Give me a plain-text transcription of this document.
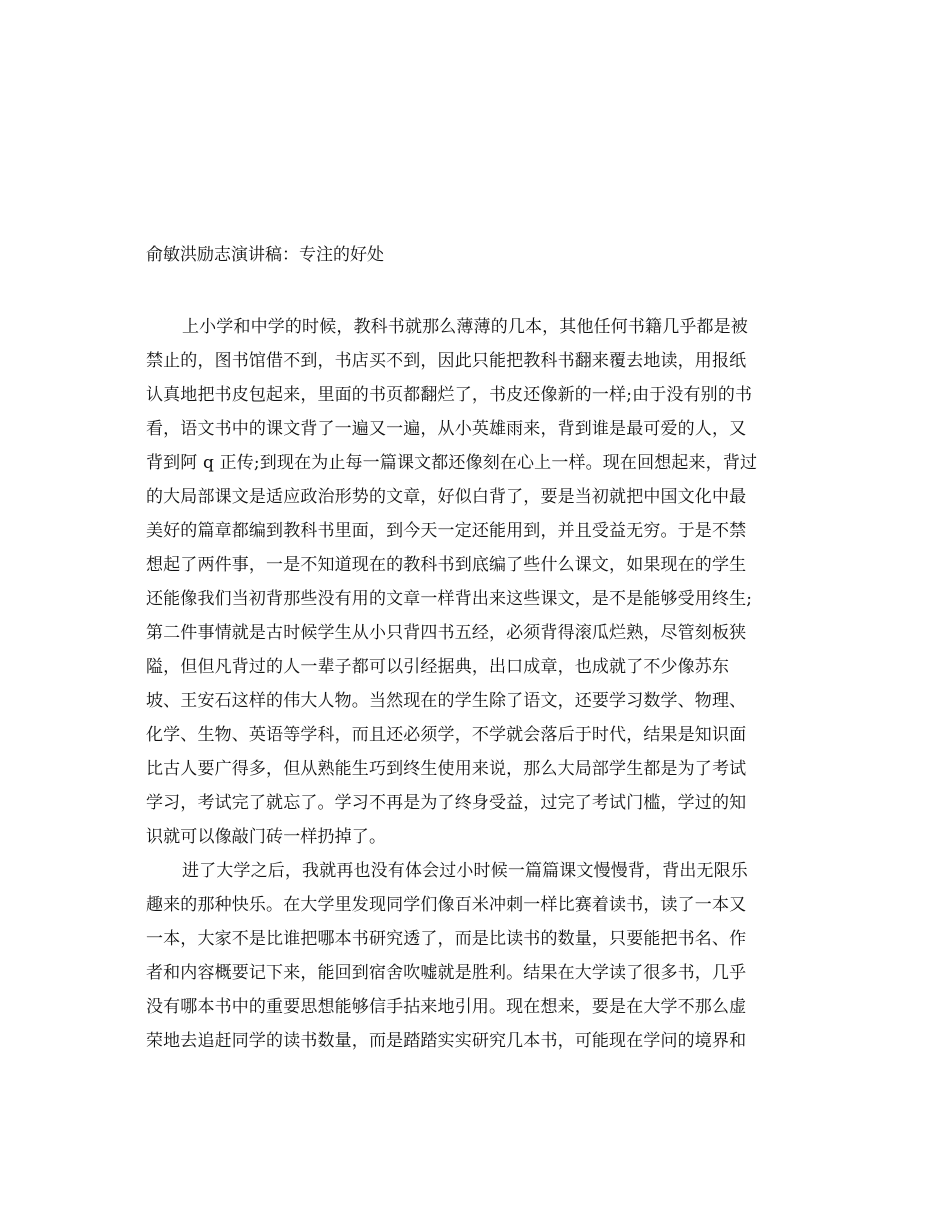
俞敏洪励志演讲稿：专注的好处
上小学和中学的时候，教科书就那么薄薄的几本，其他任何书籍几乎都是被
禁止的，图书馆借不到，书店买不到，因此只能把教科书翻来覆去地读，用报纸
认真地把书皮包起来，里面的书页都翻烂了，书皮还像新的一样;由于没有别的书
看，语文书中的课文背了一遍又一遍，从小英雄雨来，背到谁是最可爱的人，又
背到阿 q 正传;到现在为止每一篇课文都还像刻在心上一样。现在回想起来，背过
的大局部课文是适应政治形势的文章，好似白背了，要是当初就把中国文化中最
美好的篇章都编到教科书里面，到今天一定还能用到，并且受益无穷。于是不禁
想起了两件事，一是不知道现在的教科书到底编了些什么课文，如果现在的学生
还能像我们当初背那些没有用的文章一样背出来这些课文，是不是能够受用终生;
第二件事情就是古时候学生从小只背四书五经，必须背得滚瓜烂熟，尽管刻板狭
隘，但但凡背过的人一辈子都可以引经据典，出口成章，也成就了不少像苏东
坡、王安石这样的伟大人物。当然现在的学生除了语文，还要学习数学、物理、
化学、生物、英语等学科，而且还必须学，不学就会落后于时代，结果是知识面
比古人要广得多，但从熟能生巧到终生使用来说，那么大局部学生都是为了考试
学习，考试完了就忘了。学习不再是为了终身受益，过完了考试门槛，学过的知
识就可以像敲门砖一样扔掉了。
进了大学之后，我就再也没有体会过小时候一篇篇课文慢慢背，背出无限乐
趣来的那种快乐。在大学里发现同学们像百米冲刺一样比赛着读书，读了一本又
一本，大家不是比谁把哪本书研究透了，而是比读书的数量，只要能把书名、作
者和内容概要记下来，能回到宿舍吹嘘就是胜利。结果在大学读了很多书，几乎
没有哪本书中的重要思想能够信手拈来地引用。现在想来，要是在大学不那么虚
荣地去追赶同学的读书数量，而是踏踏实实研究几本书，可能现在学问的境界和
